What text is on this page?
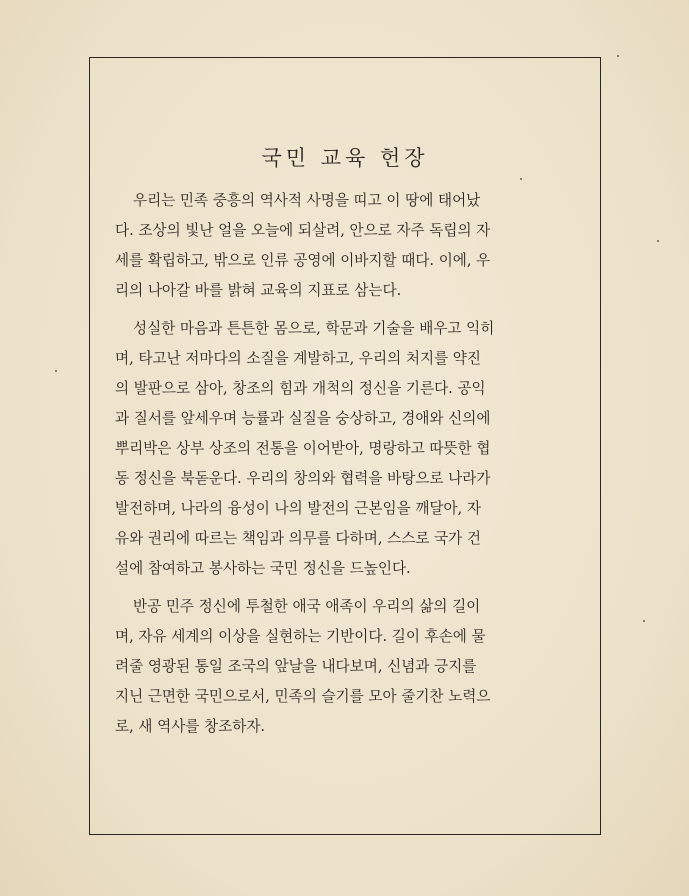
국민 교육 헌장
우리는 민족 중흥의 역사적 사명을 띠고 이 땅에 태어났
다. 조상의 빛난 얼을 오늘에 되살려, 안으로 자주 독립의 자
세를 확립하고, 밖으로 인류 공영에 이바지할 때다. 이에, 우
리의 나아갈 바를 밝혀 교육의 지표로 삼는다.
성실한 마음과 튼튼한 몸으로, 학문과 기술을 배우고 익히
며, 타고난 저마다의 소질을 계발하고, 우리의 처지를 약진
의 발판으로 삼아, 창조의 힘과 개척의 정신을 기른다. 공익
과 질서를 앞세우며 능률과 실질을 숭상하고, 경애와 신의에
뿌리박은 상부 상조의 전통을 이어받아, 명랑하고 따뜻한 협
동 정신을 북돋운다. 우리의 창의와 협력을 바탕으로 나라가
발전하며, 나라의 융성이 나의 발전의 근본임을 깨달아, 자
유와 권리에 따르는 책임과 의무를 다하며, 스스로 국가 건
설에 참여하고 봉사하는 국민 정신을 드높인다.
반공 민주 정신에 투철한 애국 애족이 우리의 삶의 길이
며, 자유 세계의 이상을 실현하는 기반이다. 길이 후손에 물
려줄 영광된 통일 조국의 앞날을 내다보며, 신념과 긍지를
지닌 근면한 국민으로서, 민족의 슬기를 모아 줄기찬 노력으
로, 새 역사를 창조하자.
